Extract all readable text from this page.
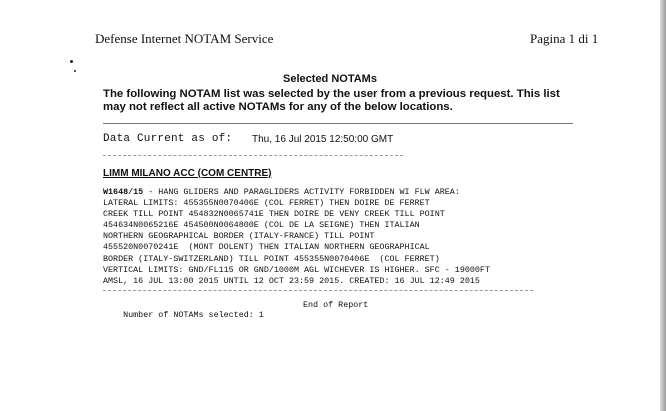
Defense Internet NOTAM Service	Pagina 1 di 1
Selected NOTAMs
The following NOTAM list was selected by the user from a previous request. This list may not reflect all active NOTAMs for any of the below locations.
Data Current as of: Thu, 16 Jul 2015 12:50:00 GMT
LIMM MILANO ACC (COM CENTRE)
W1648/15 - HANG GLIDERS AND PARAGLIDERS ACTIVITY FORBIDDEN WI FLW AREA:
LATERAL LIMITS: 455355N0070406E (COL FERRET) THEN DOIRE DE FERRET
CREEK TILL POINT 454832N0065741E THEN DOIRE DE VENY CREEK TILL POINT
454634N0065216E 454500N0064800E (COL DE LA SEIGNE) THEN ITALIAN
NORTHERN GEOGRAPHICAL BORDER (ITALY-FRANCE) TILL POINT
455520N0070241E  (MONT DOLENT) THEN ITALIAN NORTHERN GEOGRAPHICAL
BORDER (ITALY-SWITZERLAND) TILL POINT 455355N0070406E  (COL FERRET)
VERTICAL LIMITS: GND/FL115 OR GND/1000M AGL WICHEVER IS HIGHER. SFC - 19000FT
AMSL, 16 JUL 13:00 2015 UNTIL 12 OCT 23:59 2015. CREATED: 16 JUL 12:49 2015

Number of NOTAMs selected: 1

End of Report
